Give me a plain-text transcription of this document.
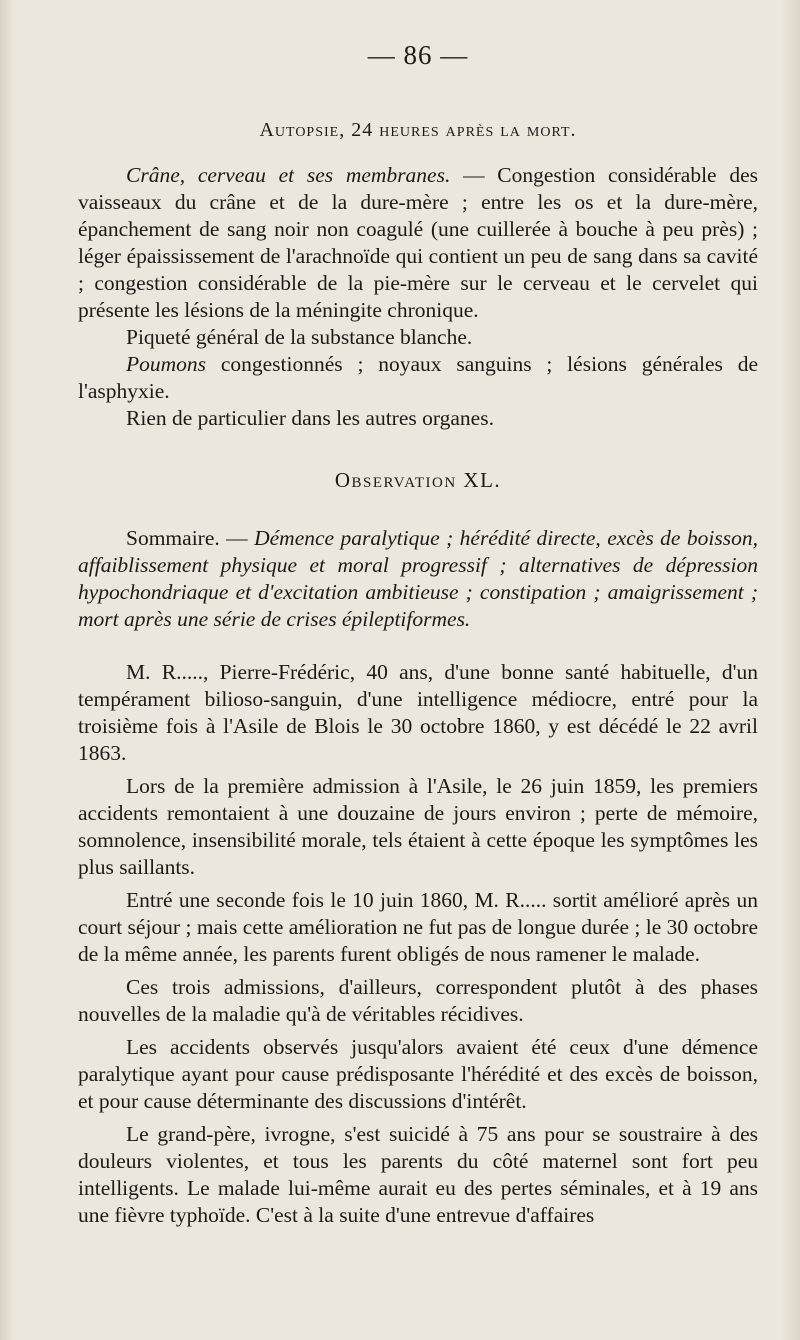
— 86 —
Autopsie, 24 heures après la mort.

Crâne, cerveau et ses membranes. — Congestion considérable des vaisseaux du crâne et de la dure-mère ; entre les os et la dure-mère, épanchement de sang noir non coagulé (une cuillerée à bouche à peu près) ; léger épaississement de l'arachnoïde qui contient un peu de sang dans sa cavité ; congestion considérable de la pie-mère sur le cerveau et le cervelet qui présente les lésions de la méningite chronique.

Piqueté général de la substance blanche.

Poumons congestionnés ; noyaux sanguins ; lésions générales de l'asphyxie.

Rien de particulier dans les autres organes.

Observation XL.

Sommaire. — Démence paralytique ; hérédité directe, excès de boisson, affaiblissement physique et moral progressif ; alternatives de dépression hypochondriaque et d'excitation ambitieuse ; constipation ; amaigrissement ; mort après une série de crises épileptiformes.

M. R....., Pierre-Frédéric, 40 ans, d'une bonne santé habituelle, d'un tempérament bilioso-sanguin, d'une intelligence médiocre, entré pour la troisième fois à l'Asile de Blois le 30 octobre 1860, y est décédé le 22 avril 1863.

Lors de la première admission à l'Asile, le 26 juin 1859, les premiers accidents remontaient à une douzaine de jours environ ; perte de mémoire, somnolence, insensibilité morale, tels étaient à cette époque les symptômes les plus saillants.

Entré une seconde fois le 10 juin 1860, M. R..... sortit amélioré après un court séjour ; mais cette amélioration ne fut pas de longue durée ; le 30 octobre de la même année, les parents furent obligés de nous ramener le malade.

Ces trois admissions, d'ailleurs, correspondent plutôt à des phases nouvelles de la maladie qu'à de véritables récidives.

Les accidents observés jusqu'alors avaient été ceux d'une démence paralytique ayant pour cause prédisposante l'hérédité et des excès de boisson, et pour cause déterminante des discussions d'intérêt.

Le grand-père, ivrogne, s'est suicidé à 75 ans pour se soustraire à des douleurs violentes, et tous les parents du côté maternel sont fort peu intelligents. Le malade lui-même aurait eu des pertes séminales, et à 19 ans une fièvre typhoïde. C'est à la suite d'une entrevue d'affaires
